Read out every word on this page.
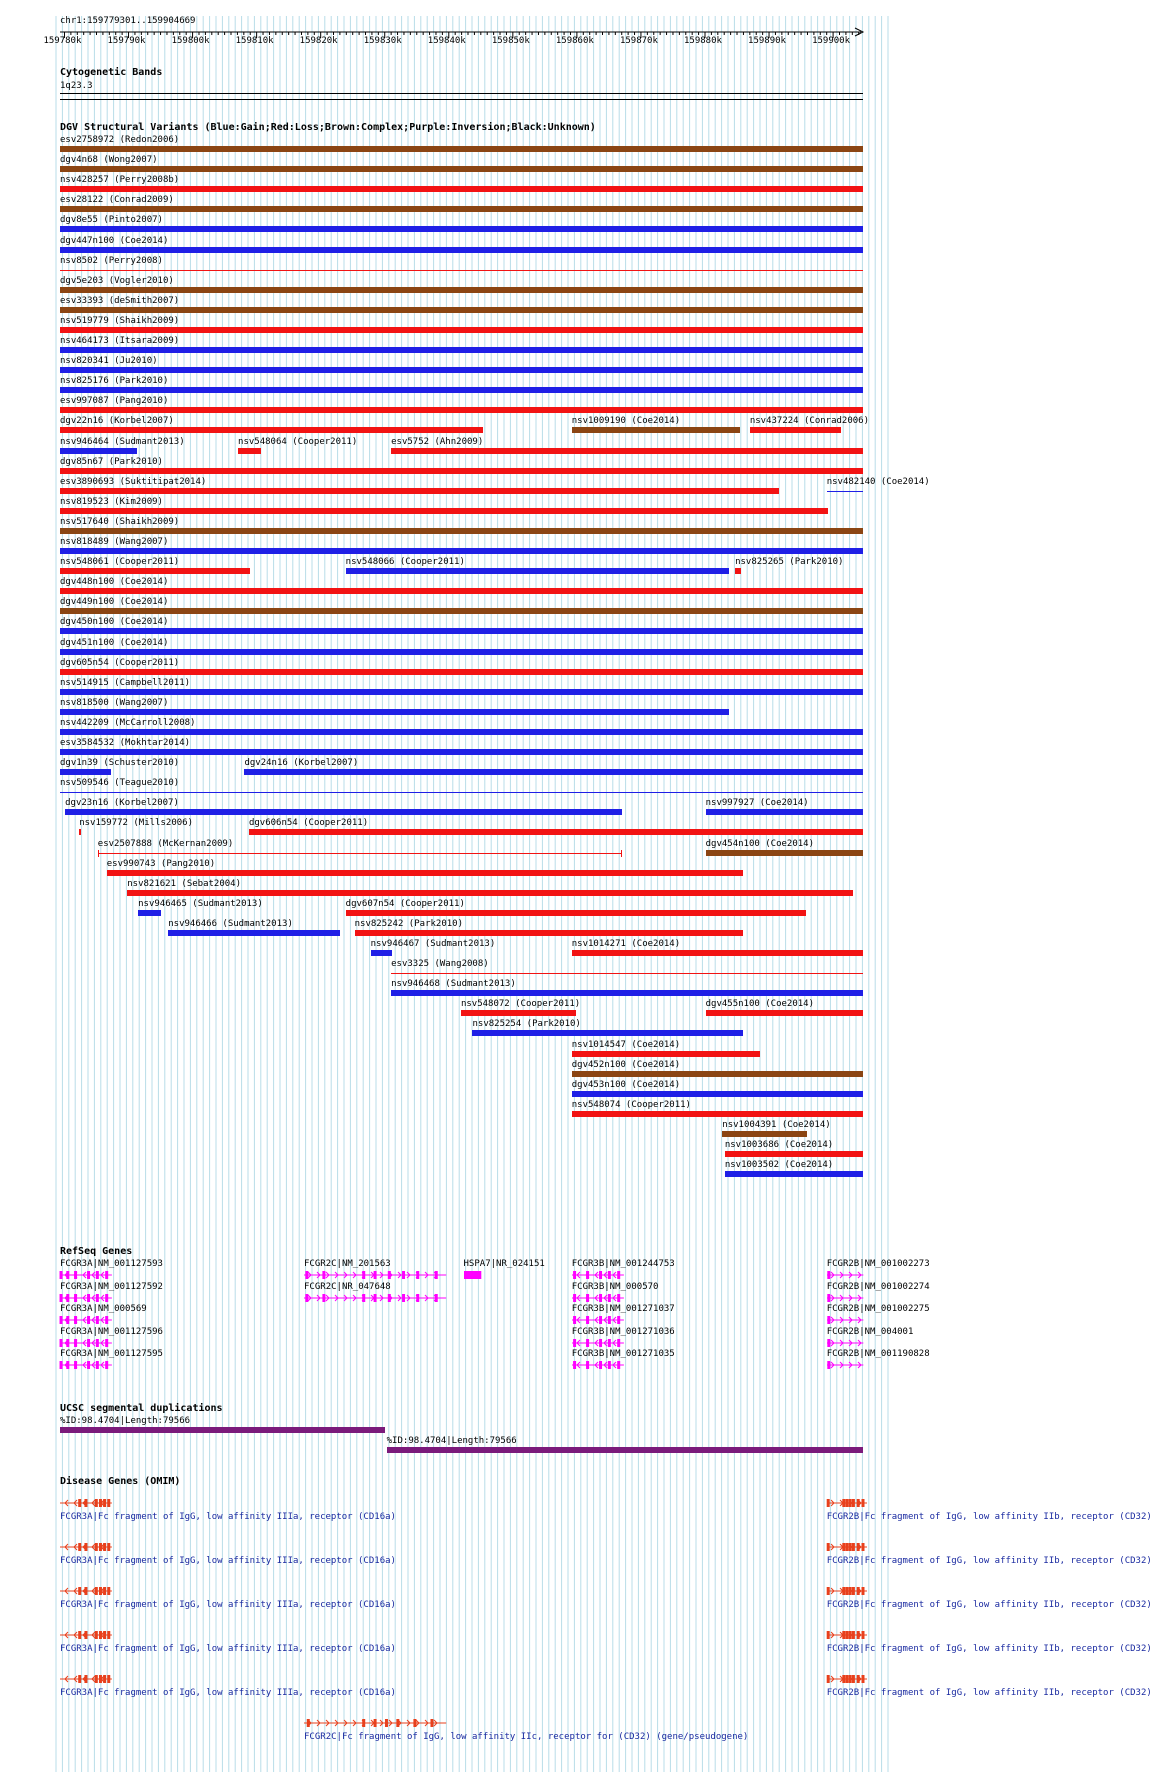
chr1:159779301..159904669
159780k	159790k	159800k	159810k	159820k	159830k	159840k	159850k	159860k	159870k	159880k	159890k	159900k
Cytogenetic Bands
1q23.3
DGV Structural Variants (Blue:Gain;Red:Loss;Brown:Complex;Purple:Inversion;Black:Unknown)
esv2758972 (Redon2006)
dgv4n68 (Wong2007)
nsv428257 (Perry2008b)
esv28122 (Conrad2009)
dgv8e55 (Pinto2007)
dgv447n100 (Coe2014)
nsv8502 (Perry2008)
dgv5e203 (Vogler2010)
esv33393 (deSmith2007)
nsv519779 (Shaikh2009)
nsv464173 (Itsara2009)
nsv820341 (Ju2010)
nsv825176 (Park2010)
esv997087 (Pang2010)
dgv22n16 (Korbel2007)	nsv1009190 (Coe2014)	nsv437224 (Conrad2006)
nsv946464 (Sudmant2013)	nsv548064 (Cooper2011)	esv5752 (Ahn2009)
dgv85n67 (Park2010)
esv3890693 (Suktitipat2014)	nsv482140 (Coe2014)
nsv819523 (Kim2009)
nsv517640 (Shaikh2009)
nsv818489 (Wang2007)
nsv548061 (Cooper2011)	nsv548066 (Cooper2011)	nsv825265 (Park2010)
dgv448n100 (Coe2014)
dgv449n100 (Coe2014)
dgv450n100 (Coe2014)
dgv451n100 (Coe2014)
dgv605n54 (Cooper2011)
nsv514915 (Campbell2011)
nsv818500 (Wang2007)
nsv442209 (McCarroll2008)
esv3584532 (Mokhtar2014)
dgv1n39 (Schuster2010)	dgv24n16 (Korbel2007)
nsv509546 (Teague2010)
dgv23n16 (Korbel2007)	nsv997927 (Coe2014)
nsv159772 (Mills2006)	dgv606n54 (Cooper2011)
esv2507888 (McKernan2009)	dgv454n100 (Coe2014)
esv990743 (Pang2010)
nsv821621 (Sebat2004)
nsv946465 (Sudmant2013)	dgv607n54 (Cooper2011)
nsv946466 (Sudmant2013)	nsv825242 (Park2010)
nsv946467 (Sudmant2013)	nsv1014271 (Coe2014)
esv3325 (Wang2008)
nsv946468 (Sudmant2013)
nsv548072 (Cooper2011)	dgv455n100 (Coe2014)
nsv825254 (Park2010)
nsv1014547 (Coe2014)
dgv452n100 (Coe2014)
dgv453n100 (Coe2014)
nsv548074 (Cooper2011)
nsv1004391 (Coe2014)
nsv1003686 (Coe2014)
nsv1003502 (Coe2014)
RefSeq Genes
FCGR3A|NM_001127593	FCGR2C|NM_201563	HSPA7|NR_024151	FCGR3B|NM_001244753	FCGR2B|NM_001002273
FCGR3A|NM_001127592	FCGR2C|NR_047648	FCGR3B|NM_000570	FCGR2B|NM_001002274
FCGR3A|NM_000569	FCGR3B|NM_001271037	FCGR2B|NM_001002275
FCGR3A|NM_001127596	FCGR3B|NM_001271036	FCGR2B|NM_004001
FCGR3A|NM_001127595	FCGR3B|NM_001271035	FCGR2B|NM_001190828
UCSC segmental duplications
%ID:98.4704|Length:79566
%ID:98.4704|Length:79566
Disease Genes (OMIM)
FCGR3A|Fc fragment of IgG, low affinity IIIa, receptor (CD16a)	FCGR2B|Fc fragment of IgG, low affinity IIb, receptor (CD32)
FCGR3A|Fc fragment of IgG, low affinity IIIa, receptor (CD16a)	FCGR2B|Fc fragment of IgG, low affinity IIb, receptor (CD32)
FCGR3A|Fc fragment of IgG, low affinity IIIa, receptor (CD16a)	FCGR2B|Fc fragment of IgG, low affinity IIb, receptor (CD32)
FCGR3A|Fc fragment of IgG, low affinity IIIa, receptor (CD16a)	FCGR2B|Fc fragment of IgG, low affinity IIb, receptor (CD32)
FCGR3A|Fc fragment of IgG, low affinity IIIa, receptor (CD16a)	FCGR2B|Fc fragment of IgG, low affinity IIb, receptor (CD32)
FCGR2C|Fc fragment of IgG, low affinity IIc, receptor for (CD32) (gene/pseudogene)
